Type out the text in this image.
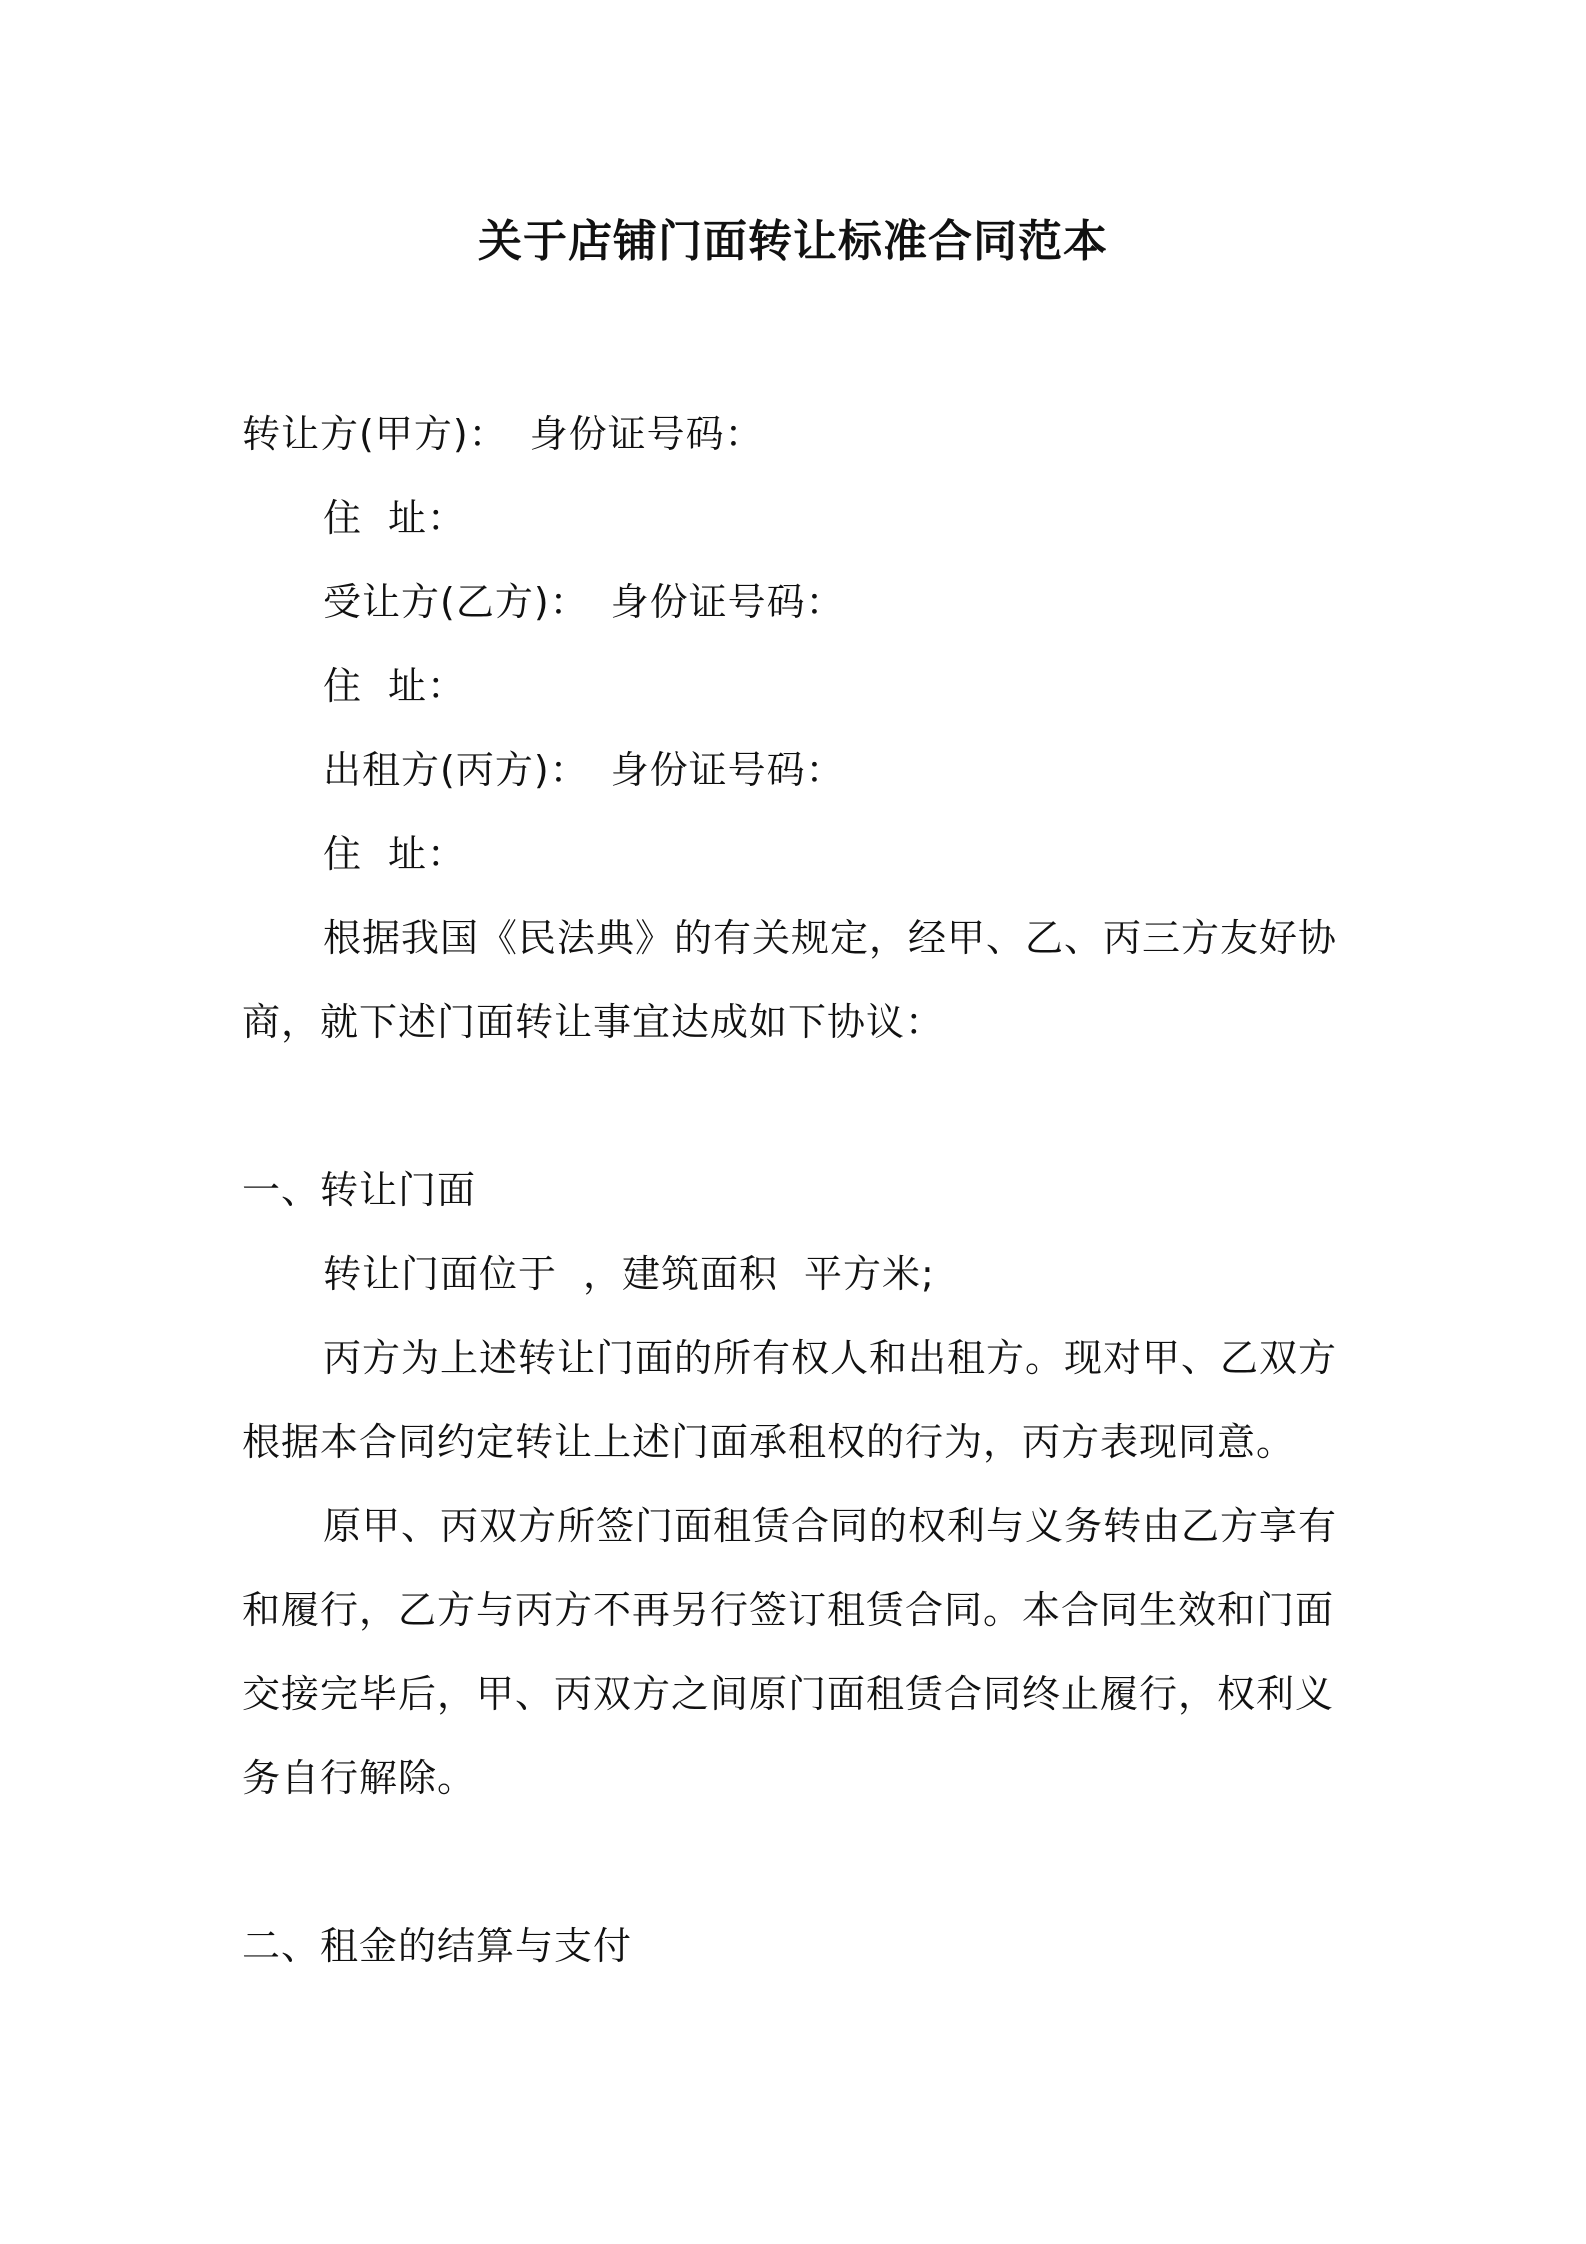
关于店铺门面转让标准合同范本
转让方(甲方)： 身份证号码：
住 址：
受让方(乙方)： 身份证号码：
住 址：
出租方(丙方)： 身份证号码：
住 址：
根据我国《民法典》的有关规定，经甲、乙、丙三方友好协
商，就下述门面转让事宜达成如下协议：
一、转让门面
转让门面位于 ，建筑面积 平方米;
丙方为上述转让门面的所有权人和出租方。现对甲、乙双方
根据本合同约定转让上述门面承租权的行为，丙方表现同意。
原甲、丙双方所签门面租赁合同的权利与义务转由乙方享有
和履行，乙方与丙方不再另行签订租赁合同。本合同生效和门面
交接完毕后，甲、丙双方之间原门面租赁合同终止履行，权利义
务自行解除。
二、租金的结算与支付
